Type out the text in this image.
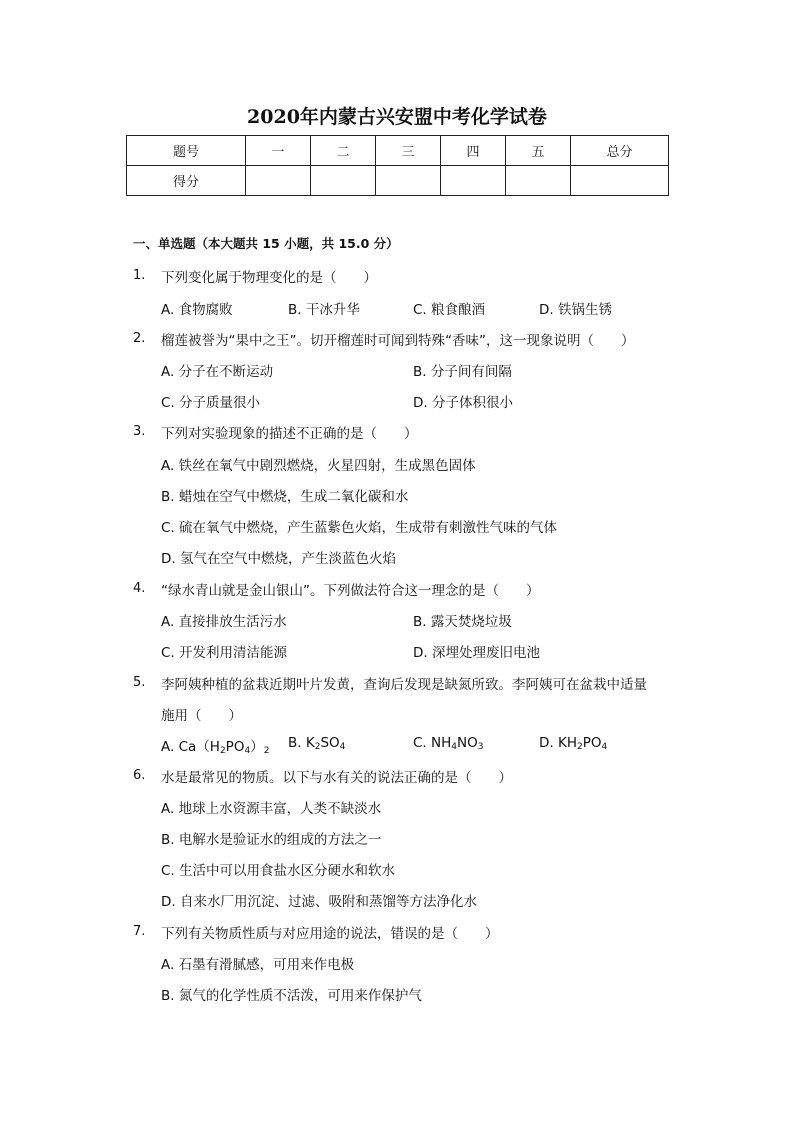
2020年内蒙古兴安盟中考化学试卷
题号	一	二	三	四	五	总分
得分						
一、单选题（本大题共 15 小题，共 15.0 分）
1. 下列变化属于物理变化的是（　　）
A. 食物腐败	B. 干冰升华	C. 粮食酿酒	D. 铁锅生锈
2. 榴莲被誉为“果中之王”。切开榴莲时可闻到特殊“香味”，这一现象说明（　　）
A. 分子在不断运动	B. 分子间有间隔
C. 分子质量很小	D. 分子体积很小
3. 下列对实验现象的描述不正确的是（　　）
A. 铁丝在氧气中剧烈燃烧，火星四射，生成黑色固体
B. 蜡烛在空气中燃烧，生成二氧化碳和水
C. 硫在氧气中燃烧，产生蓝紫色火焰，生成带有刺激性气味的气体
D. 氢气在空气中燃烧，产生淡蓝色火焰
4. “绿水青山就是金山银山”。下列做法符合这一理念的是（　　）
A. 直接排放生活污水	B. 露天焚烧垃圾
C. 开发利用清洁能源	D. 深埋处理废旧电池
5. 李阿姨种植的盆栽近期叶片发黄，查询后发现是缺氮所致。李阿姨可在盆栽中适量
施用（　　）
A. $Ca(H_2PO_4)_2$ B. $K_2SO_4$	C. $NH_4NO_3$	D. $KH_2PO_4$
6. 水是最常见的物质。以下与水有关的说法正确的是（　　）
A. 地球上水资源丰富，人类不缺淡水
B. 电解水是验证水的组成的方法之一
C. 生活中可以用食盐水区分硬水和软水
D. 自来水厂用沉淀、过滤、吸附和蒸馏等方法净化水
7. 下列有关物质性质与对应用途的说法，错误的是（　　）
A. 石墨有滑腻感，可用来作电极
B. 氮气的化学性质不活泼，可用来作保护气
